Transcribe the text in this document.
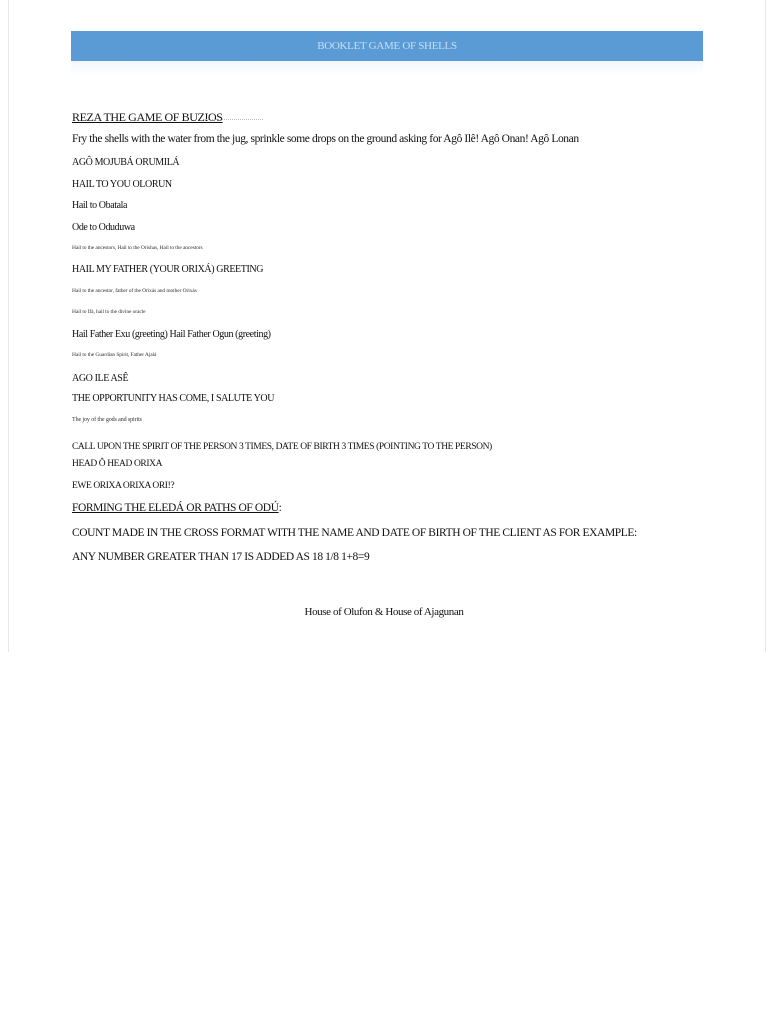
BOOKLET GAME OF SHELLS
REZA THE GAME OF BUZIOS
Fry the shells with the water from the jug, sprinkle some drops on the ground asking for Agô Ilê! Agô Onan! Agô Lonan
AGÔ MOJUBÁ ORUMILÁ
HAIL TO YOU OLORUN
Hail to Obatala
Ode to Oduduwa
Hail to the ancestors, Hail to the Orishas, Hail to the ancestors
HAIL MY FATHER (YOUR ORIXÁ) GREETING
Hail to the ancestor, father of the Orixás and mother Orixás
Hail to Ifá, hail to the divine oracle
Hail Father Exu (greeting) Hail Father Ogun (greeting)
Hail to the Guardian Spirit, Father Ajalá
AGO ILE ASÊ
THE OPPORTUNITY HAS COME, I SALUTE YOU
The joy of the gods and spirits
CALL UPON THE SPIRIT OF THE PERSON 3 TIMES, DATE OF BIRTH 3 TIMES (POINTING TO THE PERSON)
HEAD Ô HEAD ORIXA
EWE ORIXA ORIXA ORI!?
FORMING THE ELEDÁ OR PATHS OF ODÚ:
COUNT MADE IN THE CROSS FORMAT WITH THE NAME AND DATE OF BIRTH OF THE CLIENT AS FOR EXAMPLE:
ANY NUMBER GREATER THAN 17 IS ADDED AS 18 1/8 1+8=9
House of Olufon & House of Ajagunan
